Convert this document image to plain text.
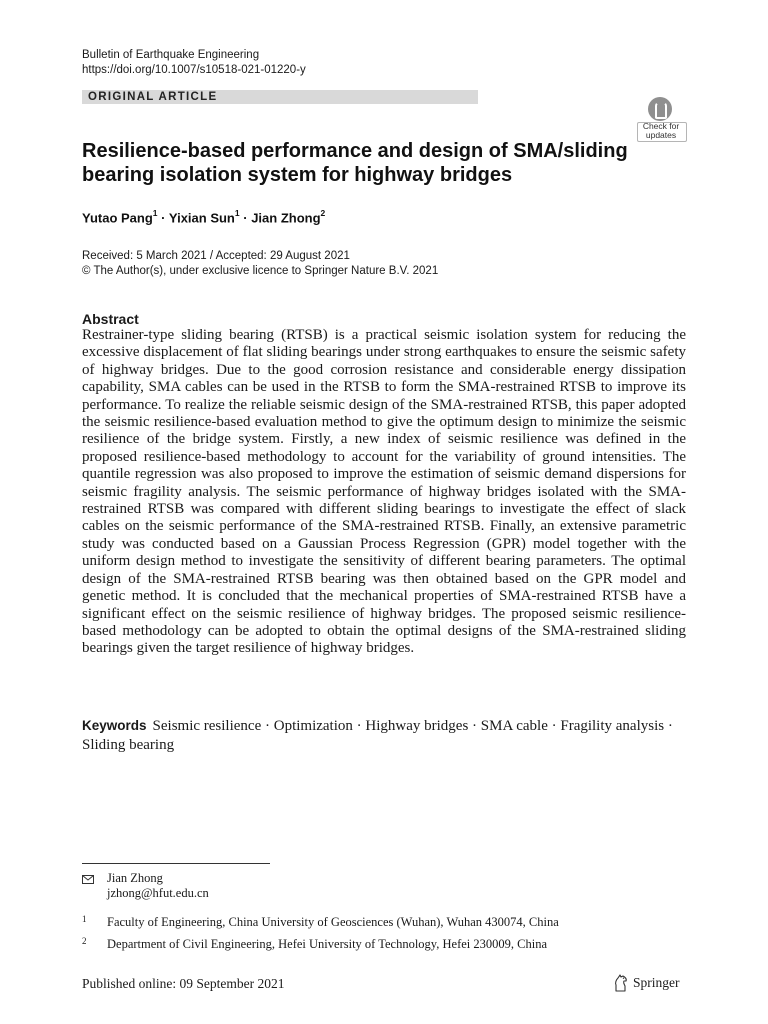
Bulletin of Earthquake Engineering
https://doi.org/10.1007/s10518-021-01220-y
ORIGINAL ARTICLE
Check for
updates
Resilience-based performance and design of SMA/sliding
bearing isolation system for highway bridges
Yutao Pang$^1$ · Yixian Sun$^1$ · Jian Zhong$^2$
Received: 5 March 2021 / Accepted: 29 August 2021
© The Author(s), under exclusive licence to Springer Nature B.V. 2021
Abstract

Restrainer-type sliding bearing (RTSB) is a practical seismic isolation system for reducing the excessive displacement of flat sliding bearings under strong earthquakes to ensure the seismic safety of highway bridges. Due to the good corrosion resistance and considerable energy dissipation capability, SMA cables can be used in the RTSB to form the SMA-restrained RTSB to improve its performance. To realize the reliable seismic design of the SMA-restrained RTSB, this paper adopted the seismic resilience-based evaluation method to give the optimum design to minimize the seismic resilience of the bridge system. Firstly, a new index of seismic resilience was defined in the proposed resilience-based methodology to account for the variability of ground intensities. The quantile regression was also proposed to improve the estimation of seismic demand dispersions for seismic fragility analysis. The seismic performance of highway bridges isolated with the SMA-restrained RTSB was compared with different sliding bearings to investigate the effect of slack cables on the seismic performance of the SMA-restrained RTSB. Finally, an extensive parametric study was conducted based on a Gaussian Process Regression (GPR) model together with the uniform design method to investigate the sensitivity of different bearing parameters. The optimal design of the SMA-restrained RTSB bearing was then obtained based on the GPR model and genetic method. It is concluded that the mechanical properties of SMA-restrained RTSB have a significant effect on the seismic resilience of highway bridges. The proposed seismic resilience-based methodology can be adopted to obtain the optimal designs of the SMA-restrained sliding bearings given the target resilience of highway bridges.

Keywords Seismic resilience · Optimization · Highway bridges · SMA cable · Fragility analysis · Sliding bearing

Jian Zhong
jzhong@hfut.edu.cn
1 Faculty of Engineering, China University of Geosciences (Wuhan), Wuhan 430074, China
2 Department of Civil Engineering, Hefei University of Technology, Hefei 230009, China
Published online: 09 September 2021	Springer
